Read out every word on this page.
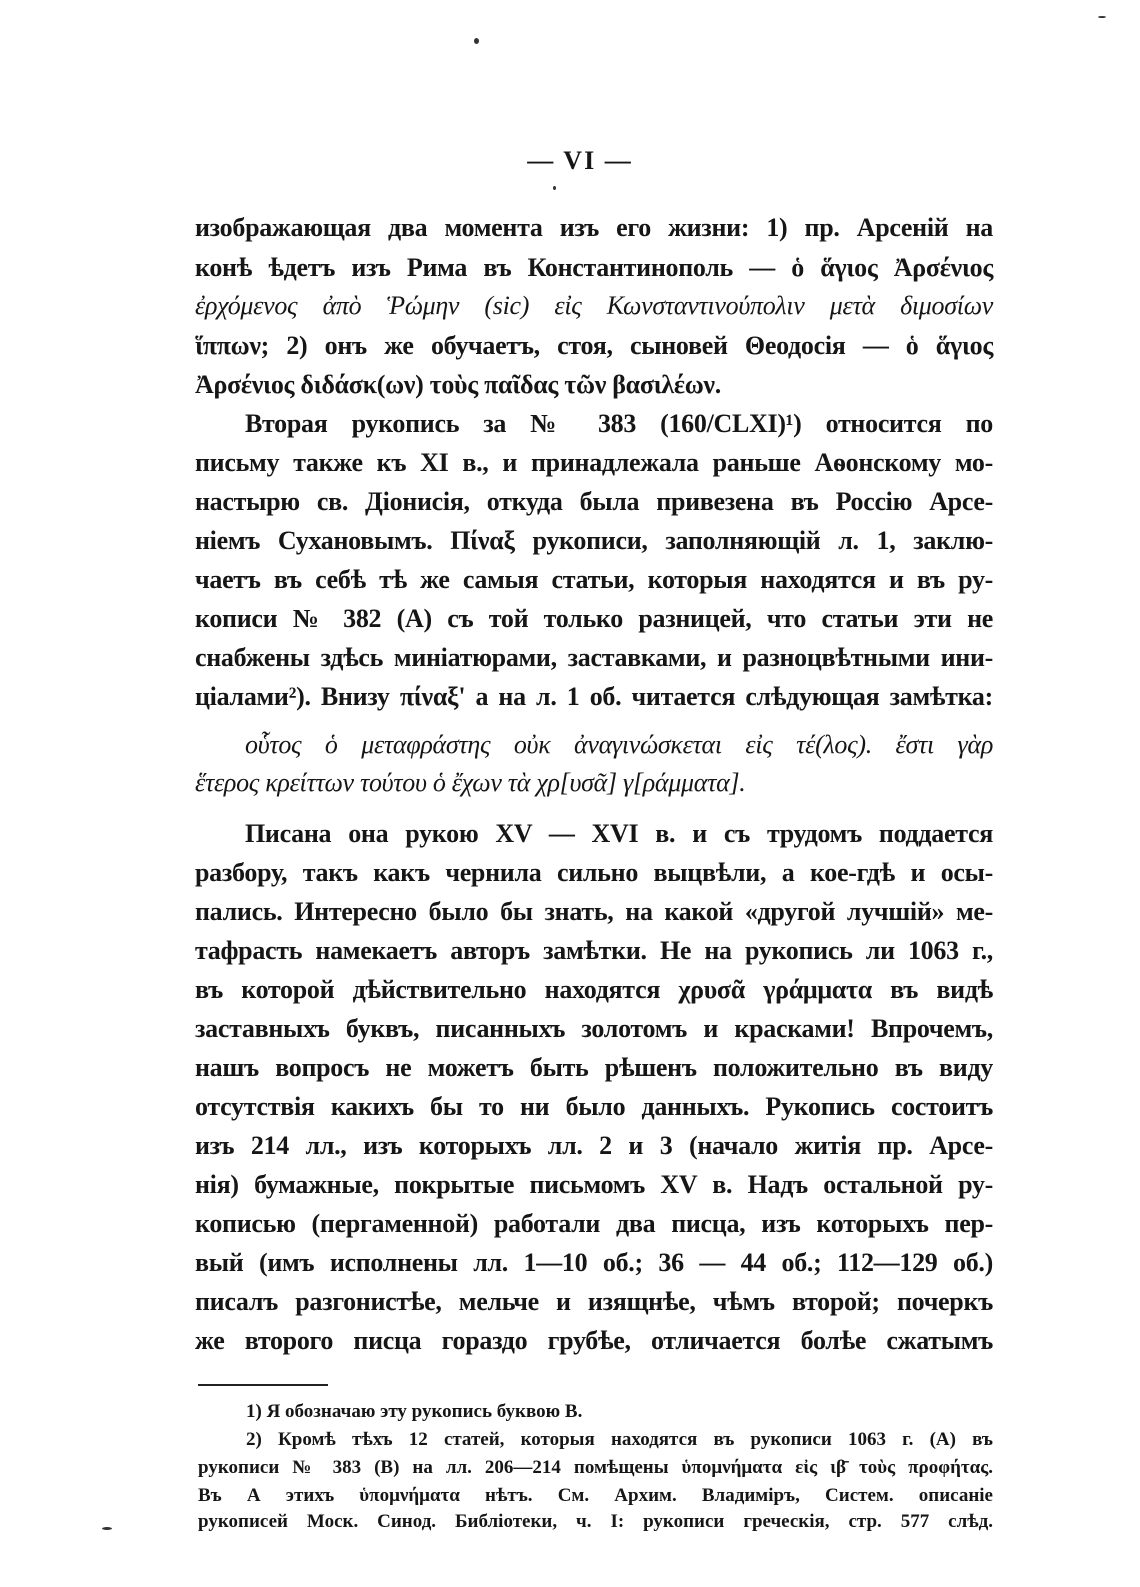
— VI —
изображающая два момента изъ его жизни: 1) пр. Арсеній на
конѣ ѣдетъ изъ Рима въ Константинополь — ὁ ἅγιος Ἀρσένιος
ἐρχόμενος ἀπὸ Ῥώμην (sic) εἰς Κωνσταντινούπολιν μετὰ διμοσίων
ἵππων; 2) онъ же обучаетъ, стоя, сыновей Θеодосія — ὁ ἅγιος
Ἀρσένιος διδάσκ(ων) τοὺς παῖδας τῶν βασιλέων.
Вторая рукопись за № 383 (160/CLXI)¹) относится по
письму также къ XI в., и принадлежала раньше Аѳонскому мо-
настырю св. Діонисія, откуда была привезена въ Россію Арсе-
ніемъ Сухановымъ. Πίναξ рукописи, заполняющій л. 1, заклю-
чаетъ въ себѣ тѣ же самыя статьи, которыя находятся и въ ру-
кописи № 382 (А) съ той только разницей, что статьи эти не
снабжены здѣсь миніатюрами, заставками, и разноцвѣтными ини-
ціалами²). Внизу πίναξ' а на л. 1 об. читается слѣдующая замѣтка:
οὗτος ὁ μεταφράστης οὐκ ἀναγινώσκεται εἰς τέ(λος). ἔστι γὰρ
ἕτερος κρείττων τούτου ὁ ἔχων τὰ χρ[υσᾶ] γ[ράμματα].
Писана она рукою XV — XVI в. и съ трудомъ поддается
разбору, такъ какъ чернила сильно выцвѣли, а кое-гдѣ и осы-
пались. Интересно было бы знать, на какой «другой лучшій» ме-
тафрасть намекаетъ авторъ замѣтки. Не на рукопись ли 1063 г.,
въ которой дѣйствительно находятся χρυσᾶ γράμματα въ видѣ
заставныхъ буквъ, писанныхъ золотомъ и красками! Впрочемъ,
нашъ вопросъ не можетъ быть рѣшенъ положительно въ виду
отсутствія какихъ бы то ни было данныхъ. Рукопись состоитъ
изъ 214 лл., изъ которыхъ лл. 2 и 3 (начало житія пр. Арсе-
нія) бумажные, покрытые письмомъ XV в. Надъ остальной ру-
кописью (пергаменной) работали два писца, изъ которыхъ пер-
вый (имъ исполнены лл. 1—10 об.; 36 — 44 об.; 112—129 об.)
писалъ разгонистѣе, мельче и изящнѣе, чѣмъ второй; почеркъ
же второго писца гораздо грубѣе, отличается болѣе сжатымъ
1) Я обозначаю эту рукопись буквою В.
2) Кромѣ тѣхъ 12 статей, которыя находятся въ рукописи 1063 г. (А) въ
рукописи № 383 (В) на лл. 206—214 помѣщены ὑπομνήματα εἰς ιβ̄ τοὺς προφήτας.
Въ А этихъ ὑπομνήματα нѣтъ. См. Архим. Владиміръ, Систем. описаніе
рукописей Моск. Синод. Библіотеки, ч. I: рукописи греческія, стр. 577 слѣд.
